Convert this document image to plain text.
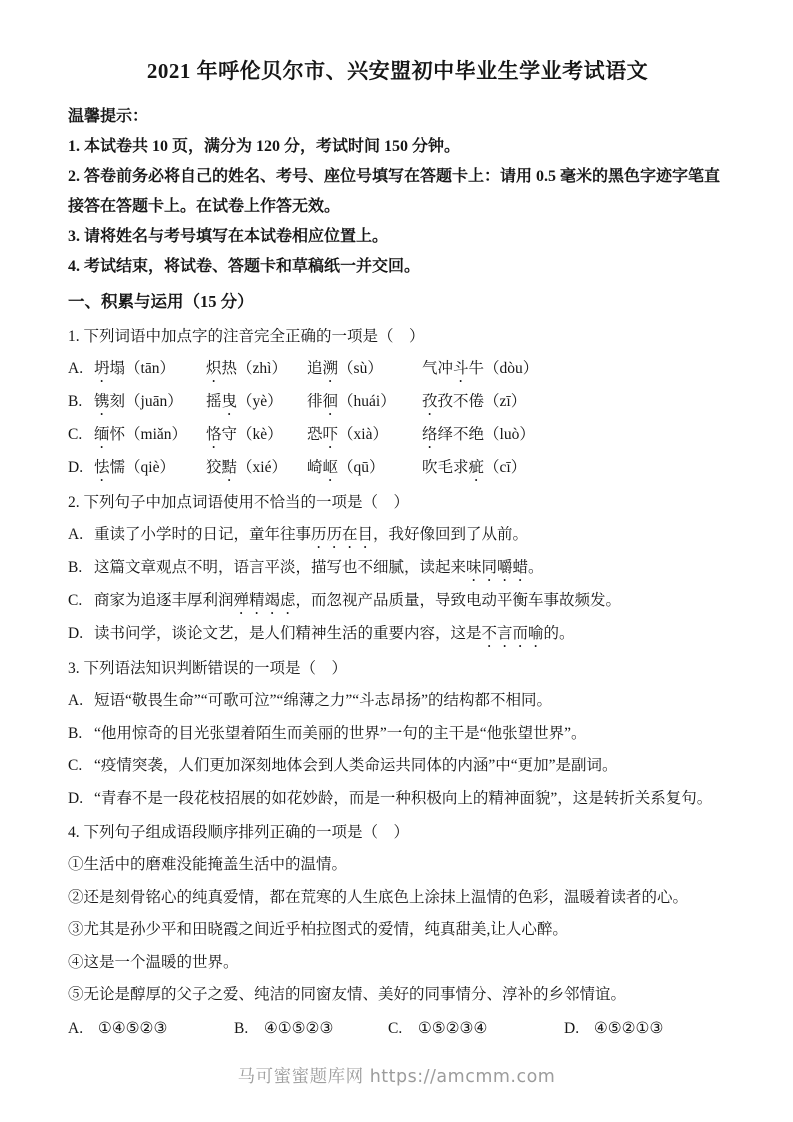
2021 年呼伦贝尔市、兴安盟初中毕业生学业考试语文
温馨提示：
1. 本试卷共 10 页，满分为 120 分，考试时间 150 分钟。
2. 答卷前务必将自己的姓名、考号、座位号填写在答题卡上：请用 0.5 毫米的黑色字迹字笔直接答在答题卡上。在试卷上作答无效。
3. 请将姓名与考号填写在本试卷相应位置上。
4. 考试结束，将试卷、答题卡和草稿纸一并交回。
一、积累与运用（15 分）
1. 下列词语中加点字的注音完全正确的一项是（　）
A. 坍塌（tān）	炽热（zhì）	追溯（sù）	气冲斗牛（dòu）
B. 镌刻（juān）	摇曳（yè）	徘徊（huái）	孜孜不倦（zī）
C. 缅怀（miǎn）	恪守（kè）	恐吓（xià）	络绎不绝（luò）
D. 怯懦（qiè）	狡黠（xié）	崎岖（qū）	吹毛求疵（cī）
2. 下列句子中加点词语使用不恰当的一项是（　）
A. 重读了小学时的日记，童年往事历历在目，我好像回到了从前。
B. 这篇文章观点不明，语言平淡，描写也不细腻，读起来味同嚼蜡。
C. 商家为追逐丰厚利润殚精竭虑，而忽视产品质量，导致电动平衡车事故频发。
D. 读书问学，谈论文艺，是人们精神生活的重要内容，这是不言而喻的。
3. 下列语法知识判断错误的一项是（　）
A. 短语“敬畏生命”“可歌可泣”“绵薄之力”“斗志昂扬”的结构都不相同。
B. “他用惊奇的目光张望着陌生而美丽的世界”一句的主干是“他张望世界”。
C. “疫情突袭，人们更加深刻地体会到人类命运共同体的内涵”中“更加”是副词。
D. “青春不是一段花枝招展的如花妙龄，而是一种积极向上的精神面貌”，这是转折关系复句。
4. 下列句子组成语段顺序排列正确的一项是（　）
①生活中的磨难没能掩盖生活中的温情。
②还是刻骨铭心的纯真爱情，都在荒寒的人生底色上涂抹上温情的色彩，温暖着读者的心。
③尤其是孙少平和田晓霞之间近乎柏拉图式的爱情，纯真甜美,让人心醉。
④这是一个温暖的世界。
⑤无论是醇厚的父子之爱、纯洁的同窗友情、美好的同事情分、淳补的乡邻情谊。
A. ①④⑤②③	B. ④①⑤②③	C. ①⑤②③④	D. ④⑤②①③
马可蜜蜜题库网 https://amcmm.com
